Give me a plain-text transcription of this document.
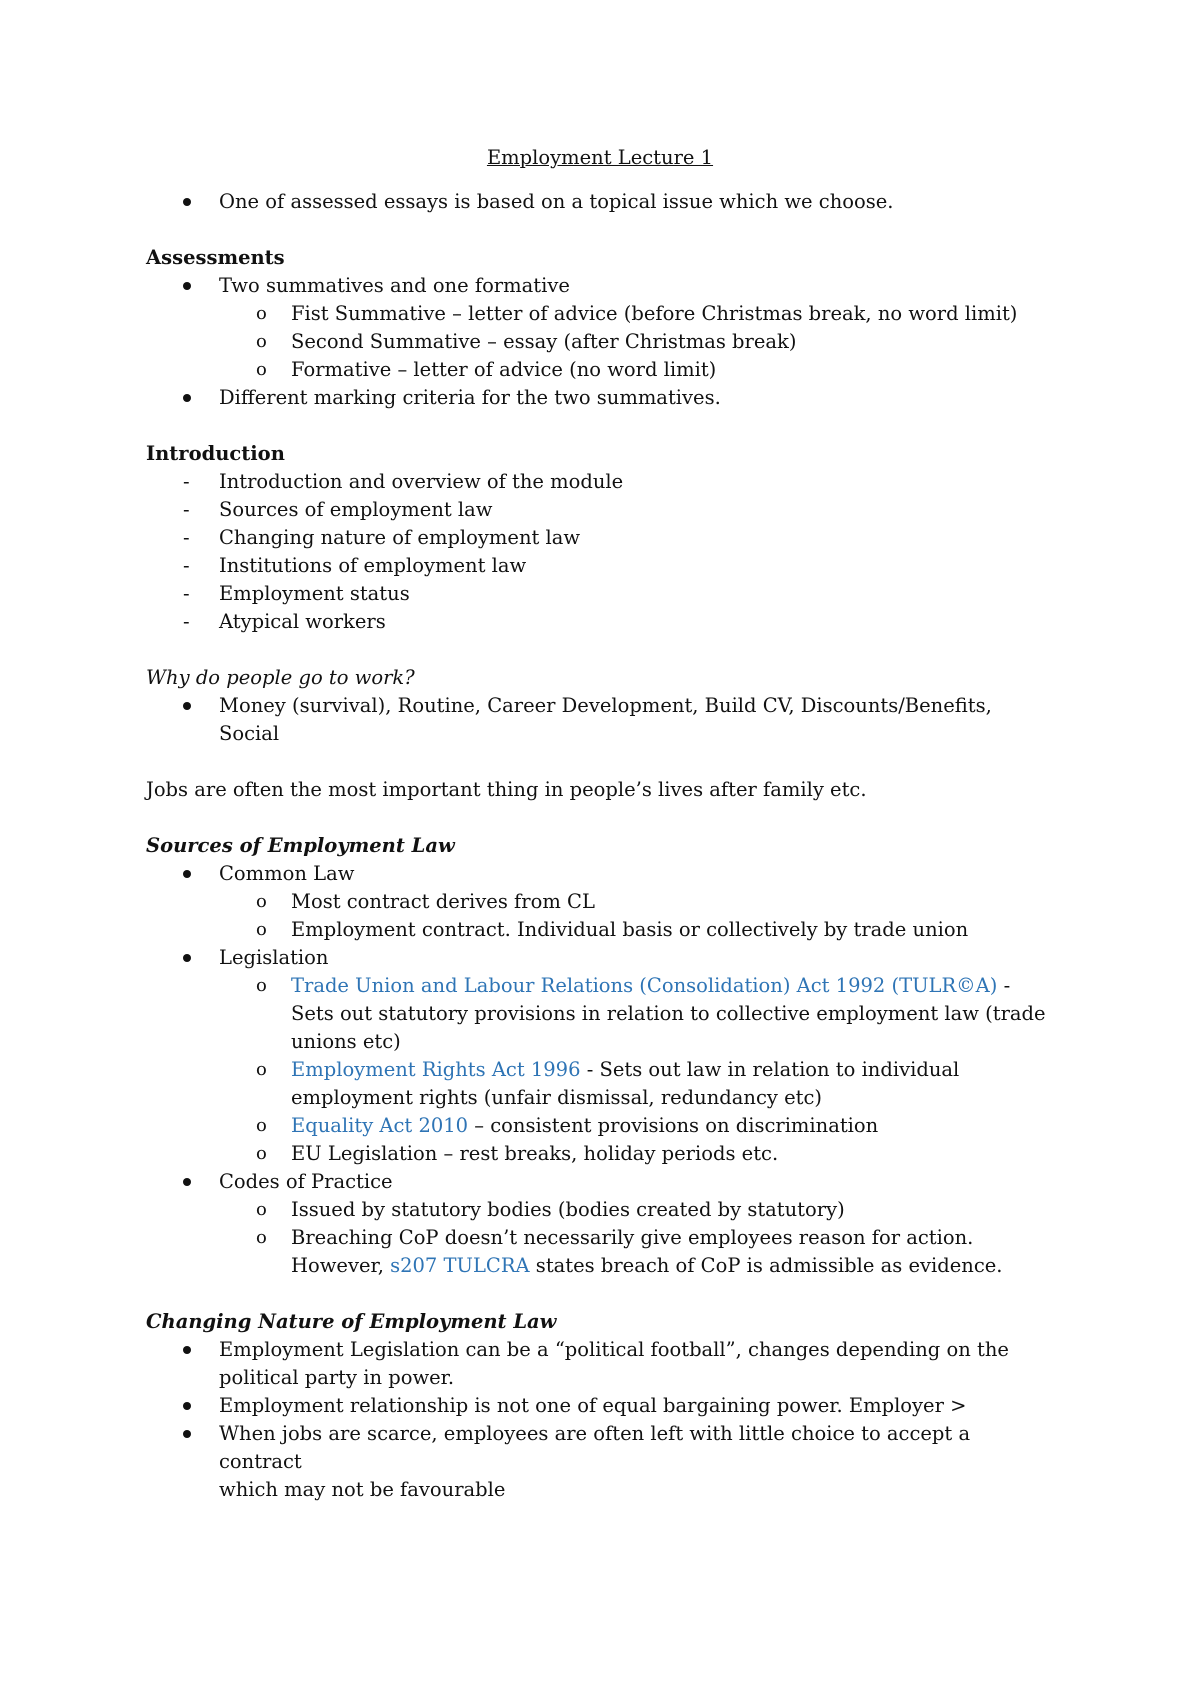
Employment Lecture 1
One of assessed essays is based on a topical issue which we choose.
Assessments
Two summatives and one formative
o Fist Summative – letter of advice (before Christmas break, no word limit)
o Second Summative – essay (after Christmas break)
o Formative – letter of advice (no word limit)
Different marking criteria for the two summatives.
Introduction
- Introduction and overview of the module
- Sources of employment law
- Changing nature of employment law
- Institutions of employment law
- Employment status
- Atypical workers
Why do people go to work?
Money (survival), Routine, Career Development, Build CV, Discounts/Benefits,
Social
Jobs are often the most important thing in people’s lives after family etc.
Sources of Employment Law
Common Law
o Most contract derives from CL
o Employment contract. Individual basis or collectively by trade union
Legislation
o Trade Union and Labour Relations (Consolidation) Act 1992 (TULR©A) -
Sets out statutory provisions in relation to collective employment law (trade
unions etc)
o Employment Rights Act 1996 - Sets out law in relation to individual
employment rights (unfair dismissal, redundancy etc)
o Equality Act 2010 – consistent provisions on discrimination
o EU Legislation – rest breaks, holiday periods etc.
Codes of Practice
o Issued by statutory bodies (bodies created by statutory)
o Breaching CoP doesn’t necessarily give employees reason for action.
However, s207 TULCRA states breach of CoP is admissible as evidence.
Changing Nature of Employment Law
Employment Legislation can be a “political football”, changes depending on the
political party in power.
Employment relationship is not one of equal bargaining power. Employer >
When jobs are scarce, employees are often left with little choice to accept a contract
which may not be favourable
